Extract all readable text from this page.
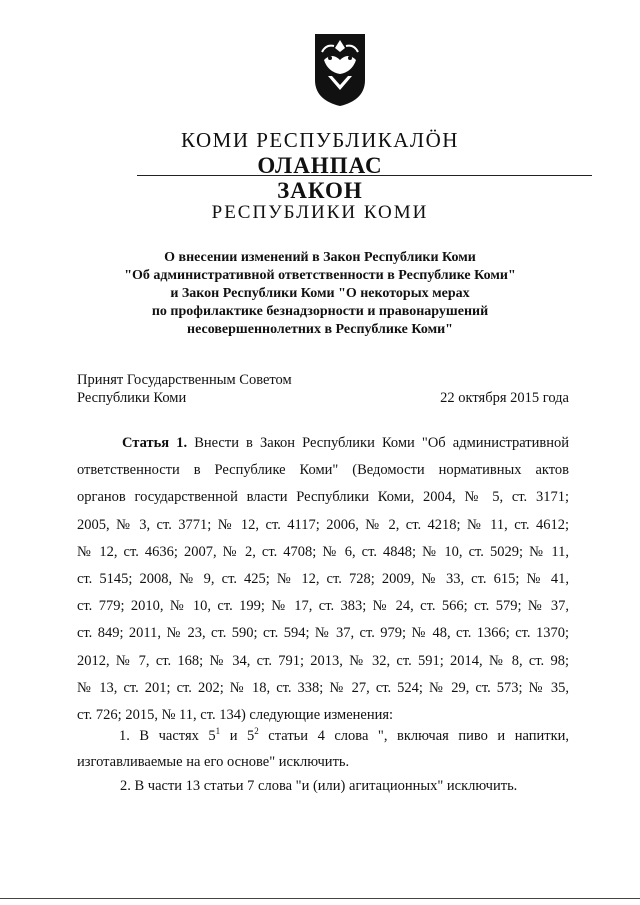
КОМИ РЕСПУБЛИКАЛÖН
ОЛАНПАС
ЗАКОН
РЕСПУБЛИКИ КОМИ
О внесении изменений в Закон Республики Коми
"Об административной ответственности в Республике Коми"
и Закон Республики Коми "О некоторых мерах
по профилактике безнадзорности и правонарушений
несовершеннолетних в Республике Коми"
Принят Государственным Советом
Республики Коми	22 октября 2015 года
Статья 1. Внести в Закон Республики Коми "Об административной
ответственности в Республике Коми" (Ведомости нормативных актов
органов государственной власти Республики Коми, 2004, № 5, ст. 3171;
2005, № 3, ст. 3771; № 12, ст. 4117; 2006, № 2, ст. 4218; № 11, ст. 4612;
№ 12, ст. 4636; 2007, № 2, ст. 4708; № 6, ст. 4848; № 10, ст. 5029; № 11,
ст. 5145; 2008, № 9, ст. 425; № 12, ст. 728; 2009, № 33, ст. 615; № 41,
ст. 779; 2010, № 10, ст. 199; № 17, ст. 383; № 24, ст. 566; ст. 579; № 37,
ст. 849; 2011, № 23, ст. 590; ст. 594; № 37, ст. 979; № 48, ст. 1366; ст. 1370;
2012, № 7, ст. 168; № 34, ст. 791; 2013, № 32, ст. 591; 2014, № 8, ст. 98;
№ 13, ст. 201; ст. 202; № 18, ст. 338; № 27, ст. 524; № 29, ст. 573; № 35,
ст. 726; 2015, № 11, ст. 134) следующие изменения:
1. В частях $5^1$ и $5^2$ статьи 4 слова ", включая пиво и напитки,
изготавливаемые на его основе" исключить.
2. В части 13 статьи 7 слова "и (или) агитационных" исключить.
